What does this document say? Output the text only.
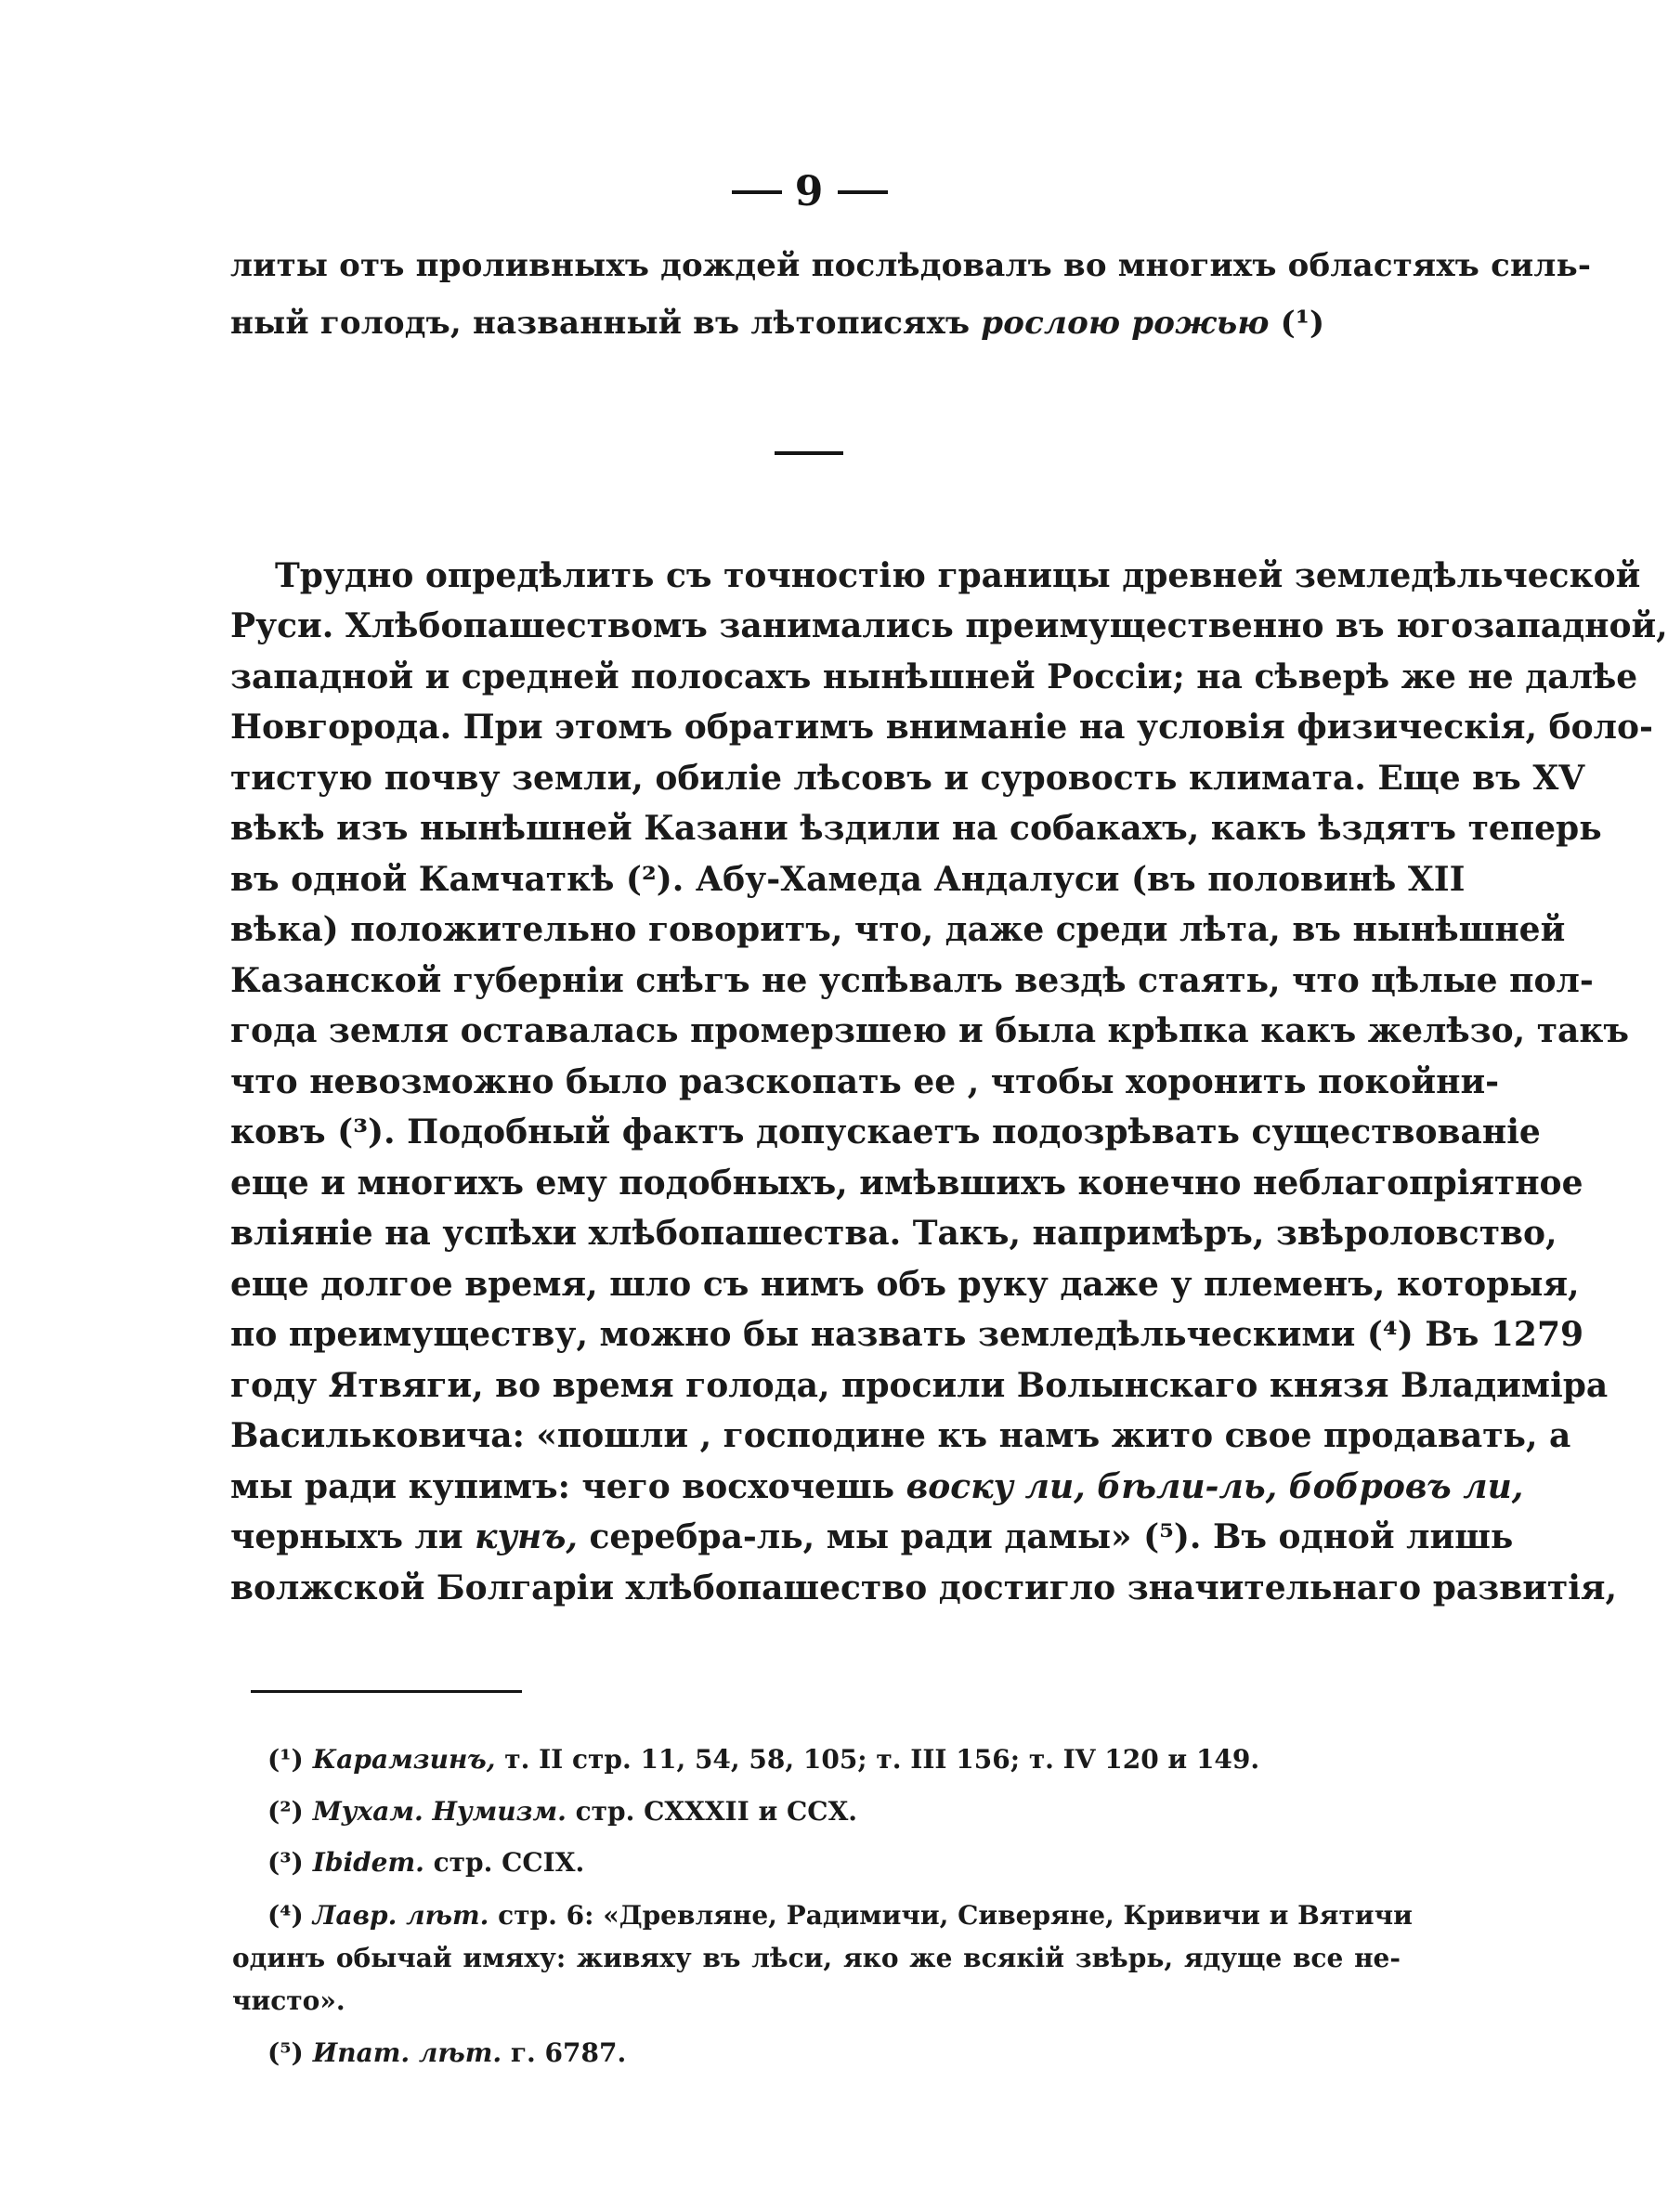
9
литы отъ проливныхъ дождей послѣдовалъ во многихъ областяхъ силь-
ный голодъ, названный въ лѣтописяхъ рослою рожью (¹)
Трудно опредѣлить съ точностію границы древней земледѣльческой
Руси. Хлѣбопашествомъ занимались преимущественно въ югозападной,
западной и средней полосахъ нынѣшней Россіи; на сѣверѣ же не далѣе
Новгорода. При этомъ обратимъ вниманіе на условія физическія, боло-
тистую почву земли, обиліе лѣсовъ и суровость климата. Еще въ XV
вѣкѣ изъ нынѣшней Казани ѣздили на собакахъ, какъ ѣздятъ теперь
въ одной Камчаткѣ (²). Абу-Хамеда Андалуси (въ половинѣ XII
вѣка) положительно говоритъ, что, даже среди лѣта, въ нынѣшней
Казанской губерніи снѣгъ не успѣвалъ вездѣ стаять, что цѣлые пол-
года земля оставалась промерзшею и была крѣпка какъ желѣзо, такъ
что невозможно было разскопать ее , чтобы хоронить покойни-
ковъ (³). Подобный фактъ допускаетъ подозрѣвать существованіе
еще и многихъ ему подобныхъ, имѣвшихъ конечно неблагопріятное
вліяніе на успѣхи хлѣбопашества. Такъ, напримѣръ, звѣроловство,
еще долгое время, шло съ нимъ объ руку даже у племенъ, которыя,
по преимуществу, можно бы назвать земледѣльческими (⁴) Въ 1279
году Ятвяги, во время голода, просили Волынскаго князя Владиміра
Васильковича: «пошли , господине къ намъ жито свое продавать, а
мы ради купимъ: чего восхочешь воску ли, бѣли-ль, бобровъ ли,
черныхъ ли кунъ, серебра-ль, мы ради дамы» (⁵). Въ одной лишь
волжской Болгаріи хлѣбопашество достигло значительнаго развитія,
(¹) Карамзинъ, т. II стр. 11, 54, 58, 105; т. III 156; т. IV 120 и 149.
(²) Мухам. Нумизм. стр. CXXXII и CCX.
(³) Ibidem. стр. CCIX.
(⁴) Лавр. лѣт. стр. 6: «Древляне, Радимичи, Сиверяне, Кривичи и Вятичи
одинъ обычай имяху: живяху въ лѣси, яко же всякій звѣрь, ядуще все не-
чисто».
(⁵) Ипат. лѣт. г. 6787.
